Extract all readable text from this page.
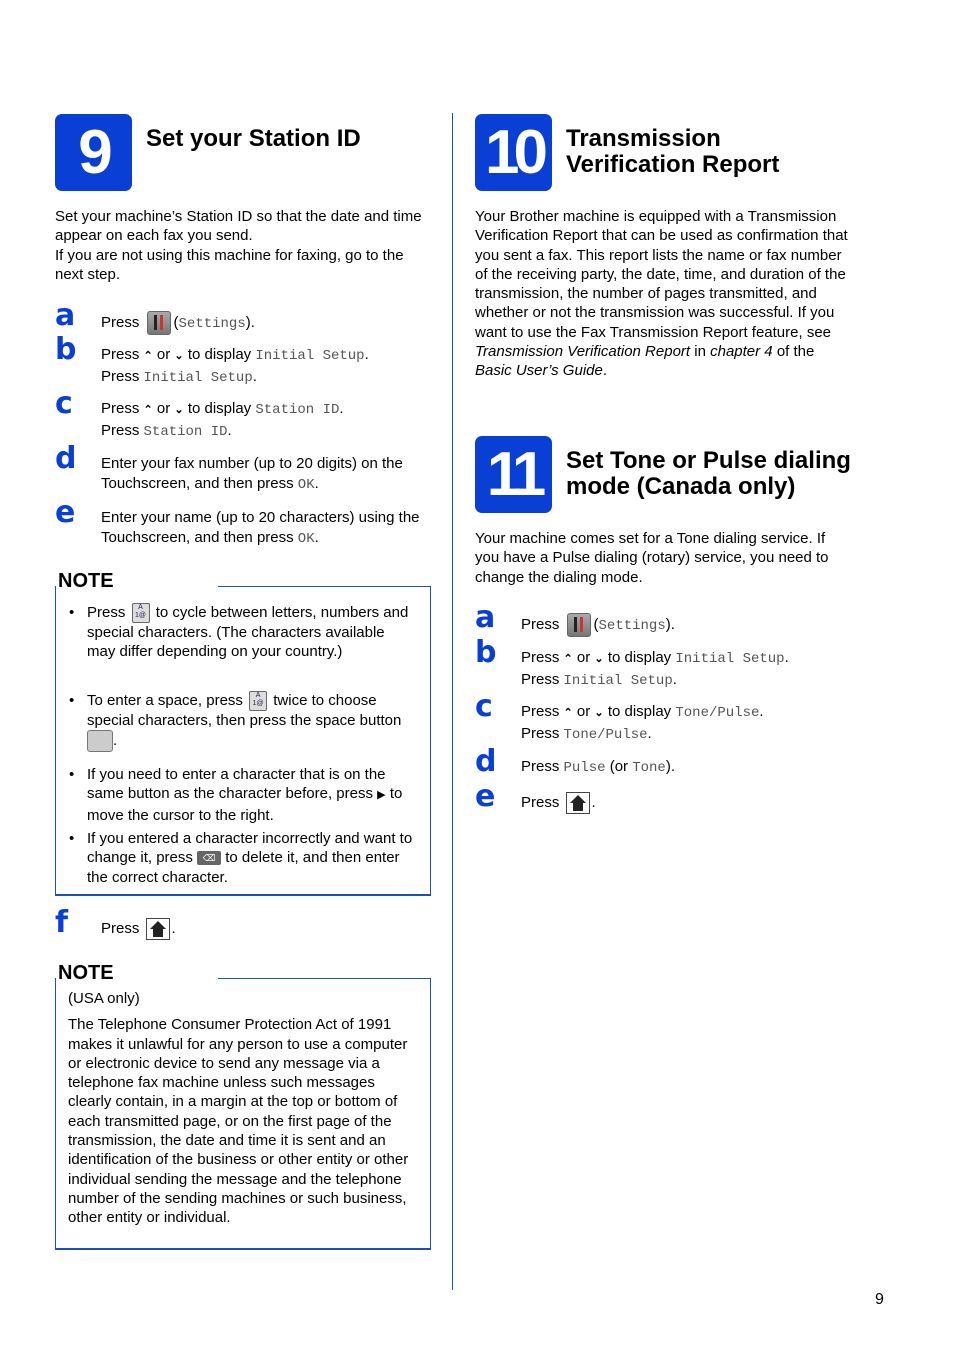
9	Set your Station ID
Set your machine’s Station ID so that the date and time appear on each fax you send.
If you are not using this machine for faxing, go to the next step.
a Press (Settings).
b Press ⌃ or ⌄ to display Initial Setup.
Press Initial Setup.
c Press ⌃ or ⌄ to display Station ID.
Press Station ID.
d Enter your fax number (up to 20 digits) on the Touchscreen, and then press OK.
e Enter your name (up to 20 characters) using the Touchscreen, and then press OK.
NOTE
• Press A
1@ to cycle between letters, numbers and special characters. (The characters available may differ depending on your country.)
• To enter a space, press A
1@ twice to choose special characters, then press the space button
.
• If you need to enter a character that is on the same button as the character before, press ▶ to move the cursor to the right.
• If you entered a character incorrectly and want to change it, press ⌫ to delete it, and then enter the correct character.
f Press .
NOTE
(USA only)
The Telephone Consumer Protection Act of 1991 makes it unlawful for any person to use a computer or electronic device to send any message via a telephone fax machine unless such messages clearly contain, in a margin at the top or bottom of each transmitted page, or on the first page of the transmission, the date and time it is sent and an identification of the business or other entity or other individual sending the message and the telephone number of the sending machines or such business, other entity or individual.
10	Transmission
Verification Report
Your Brother machine is equipped with a Transmission Verification Report that can be used as confirmation that you sent a fax. This report lists the name or fax number of the receiving party, the date, time, and duration of the transmission, the number of pages transmitted, and whether or not the transmission was successful. If you want to use the Fax Transmission Report feature, see Transmission Verification Report in chapter 4 of the Basic User’s Guide.
11	Set Tone or Pulse dialing
mode (Canada only)
Your machine comes set for a Tone dialing service. If you have a Pulse dialing (rotary) service, you need to change the dialing mode.
a Press (Settings).
b Press ⌃ or ⌄ to display Initial Setup.
Press Initial Setup.
c Press ⌃ or ⌄ to display Tone/Pulse.
Press Tone/Pulse.
d Press Pulse (or Tone).
e Press .
9
